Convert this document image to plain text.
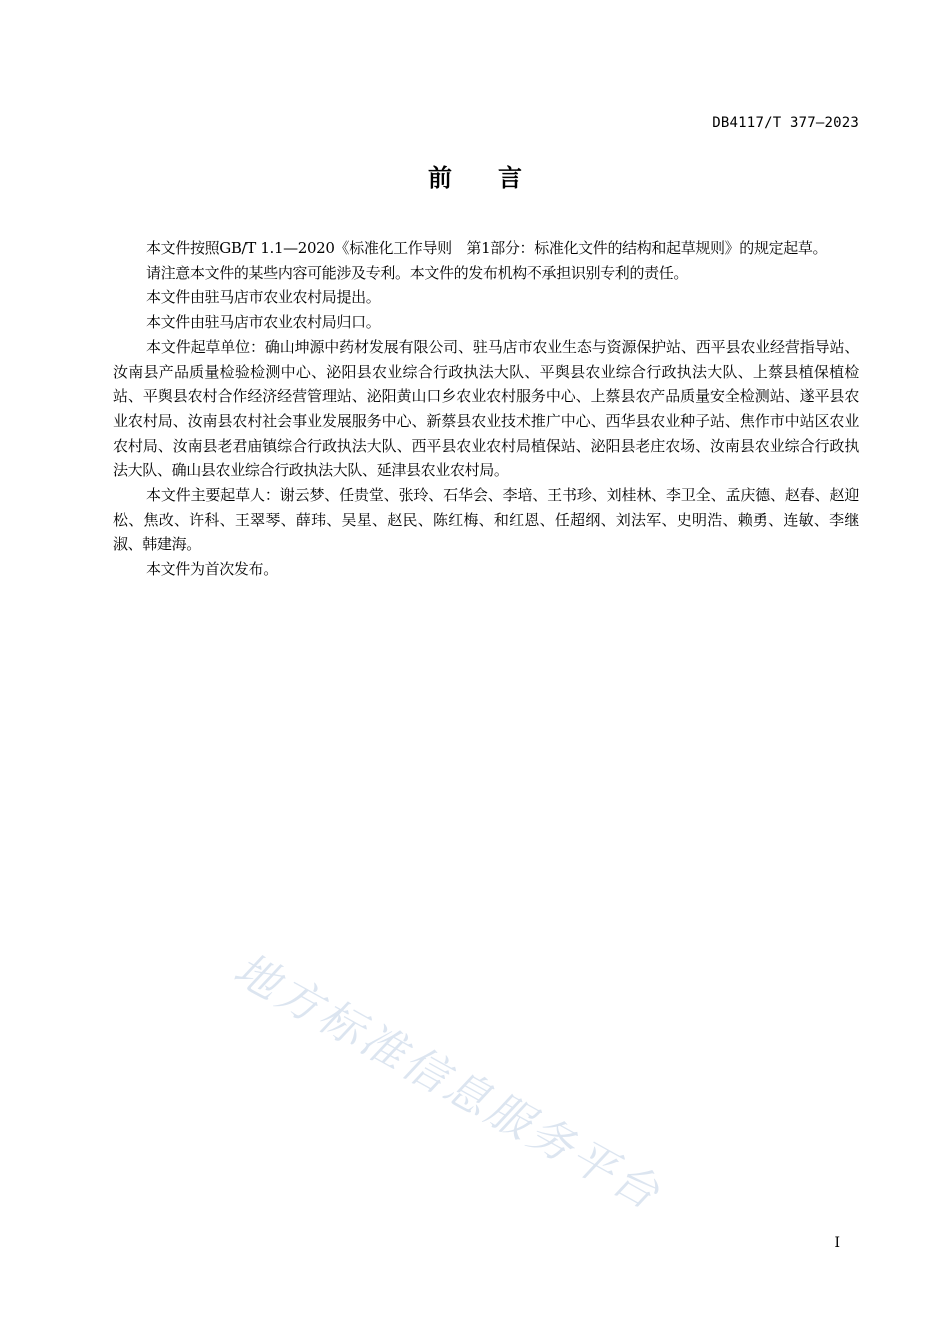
DB4117/T 377—2023
前言

本文件按照GB/T 1.1—2020《标准化工作导则　第1部分：标准化文件的结构和起草规则》的规定起草。

请注意本文件的某些内容可能涉及专利。本文件的发布机构不承担识别专利的责任。

本文件由驻马店市农业农村局提出。

本文件由驻马店市农业农村局归口。

本文件起草单位：确山坤源中药材发展有限公司、驻马店市农业生态与资源保护站、西平县农业经营指导站、汝南县产品质量检验检测中心、泌阳县农业综合行政执法大队、平舆县农业综合行政执法大队、上蔡县植保植检站、平舆县农村合作经济经营管理站、泌阳黄山口乡农业农村服务中心、上蔡县农产品质量安全检测站、遂平县农业农村局、汝南县农村社会事业发展服务中心、新蔡县农业技术推广中心、西华县农业种子站、焦作市中站区农业农村局、汝南县老君庙镇综合行政执法大队、西平县农业农村局植保站、泌阳县老庄农场、汝南县农业综合行政执法大队、确山县农业综合行政执法大队、延津县农业农村局。

本文件主要起草人：谢云梦、任贵堂、张玲、石华会、李培、王书珍、刘桂林、李卫全、孟庆德、赵春、赵迎松、焦改、许科、王翠琴、薛玮、吴星、赵民、陈红梅、和红恩、任超纲、刘法军、史明浩、赖勇、连敏、李继淑、韩建海。

本文件为首次发布。

地方标准信息服务平台
I
